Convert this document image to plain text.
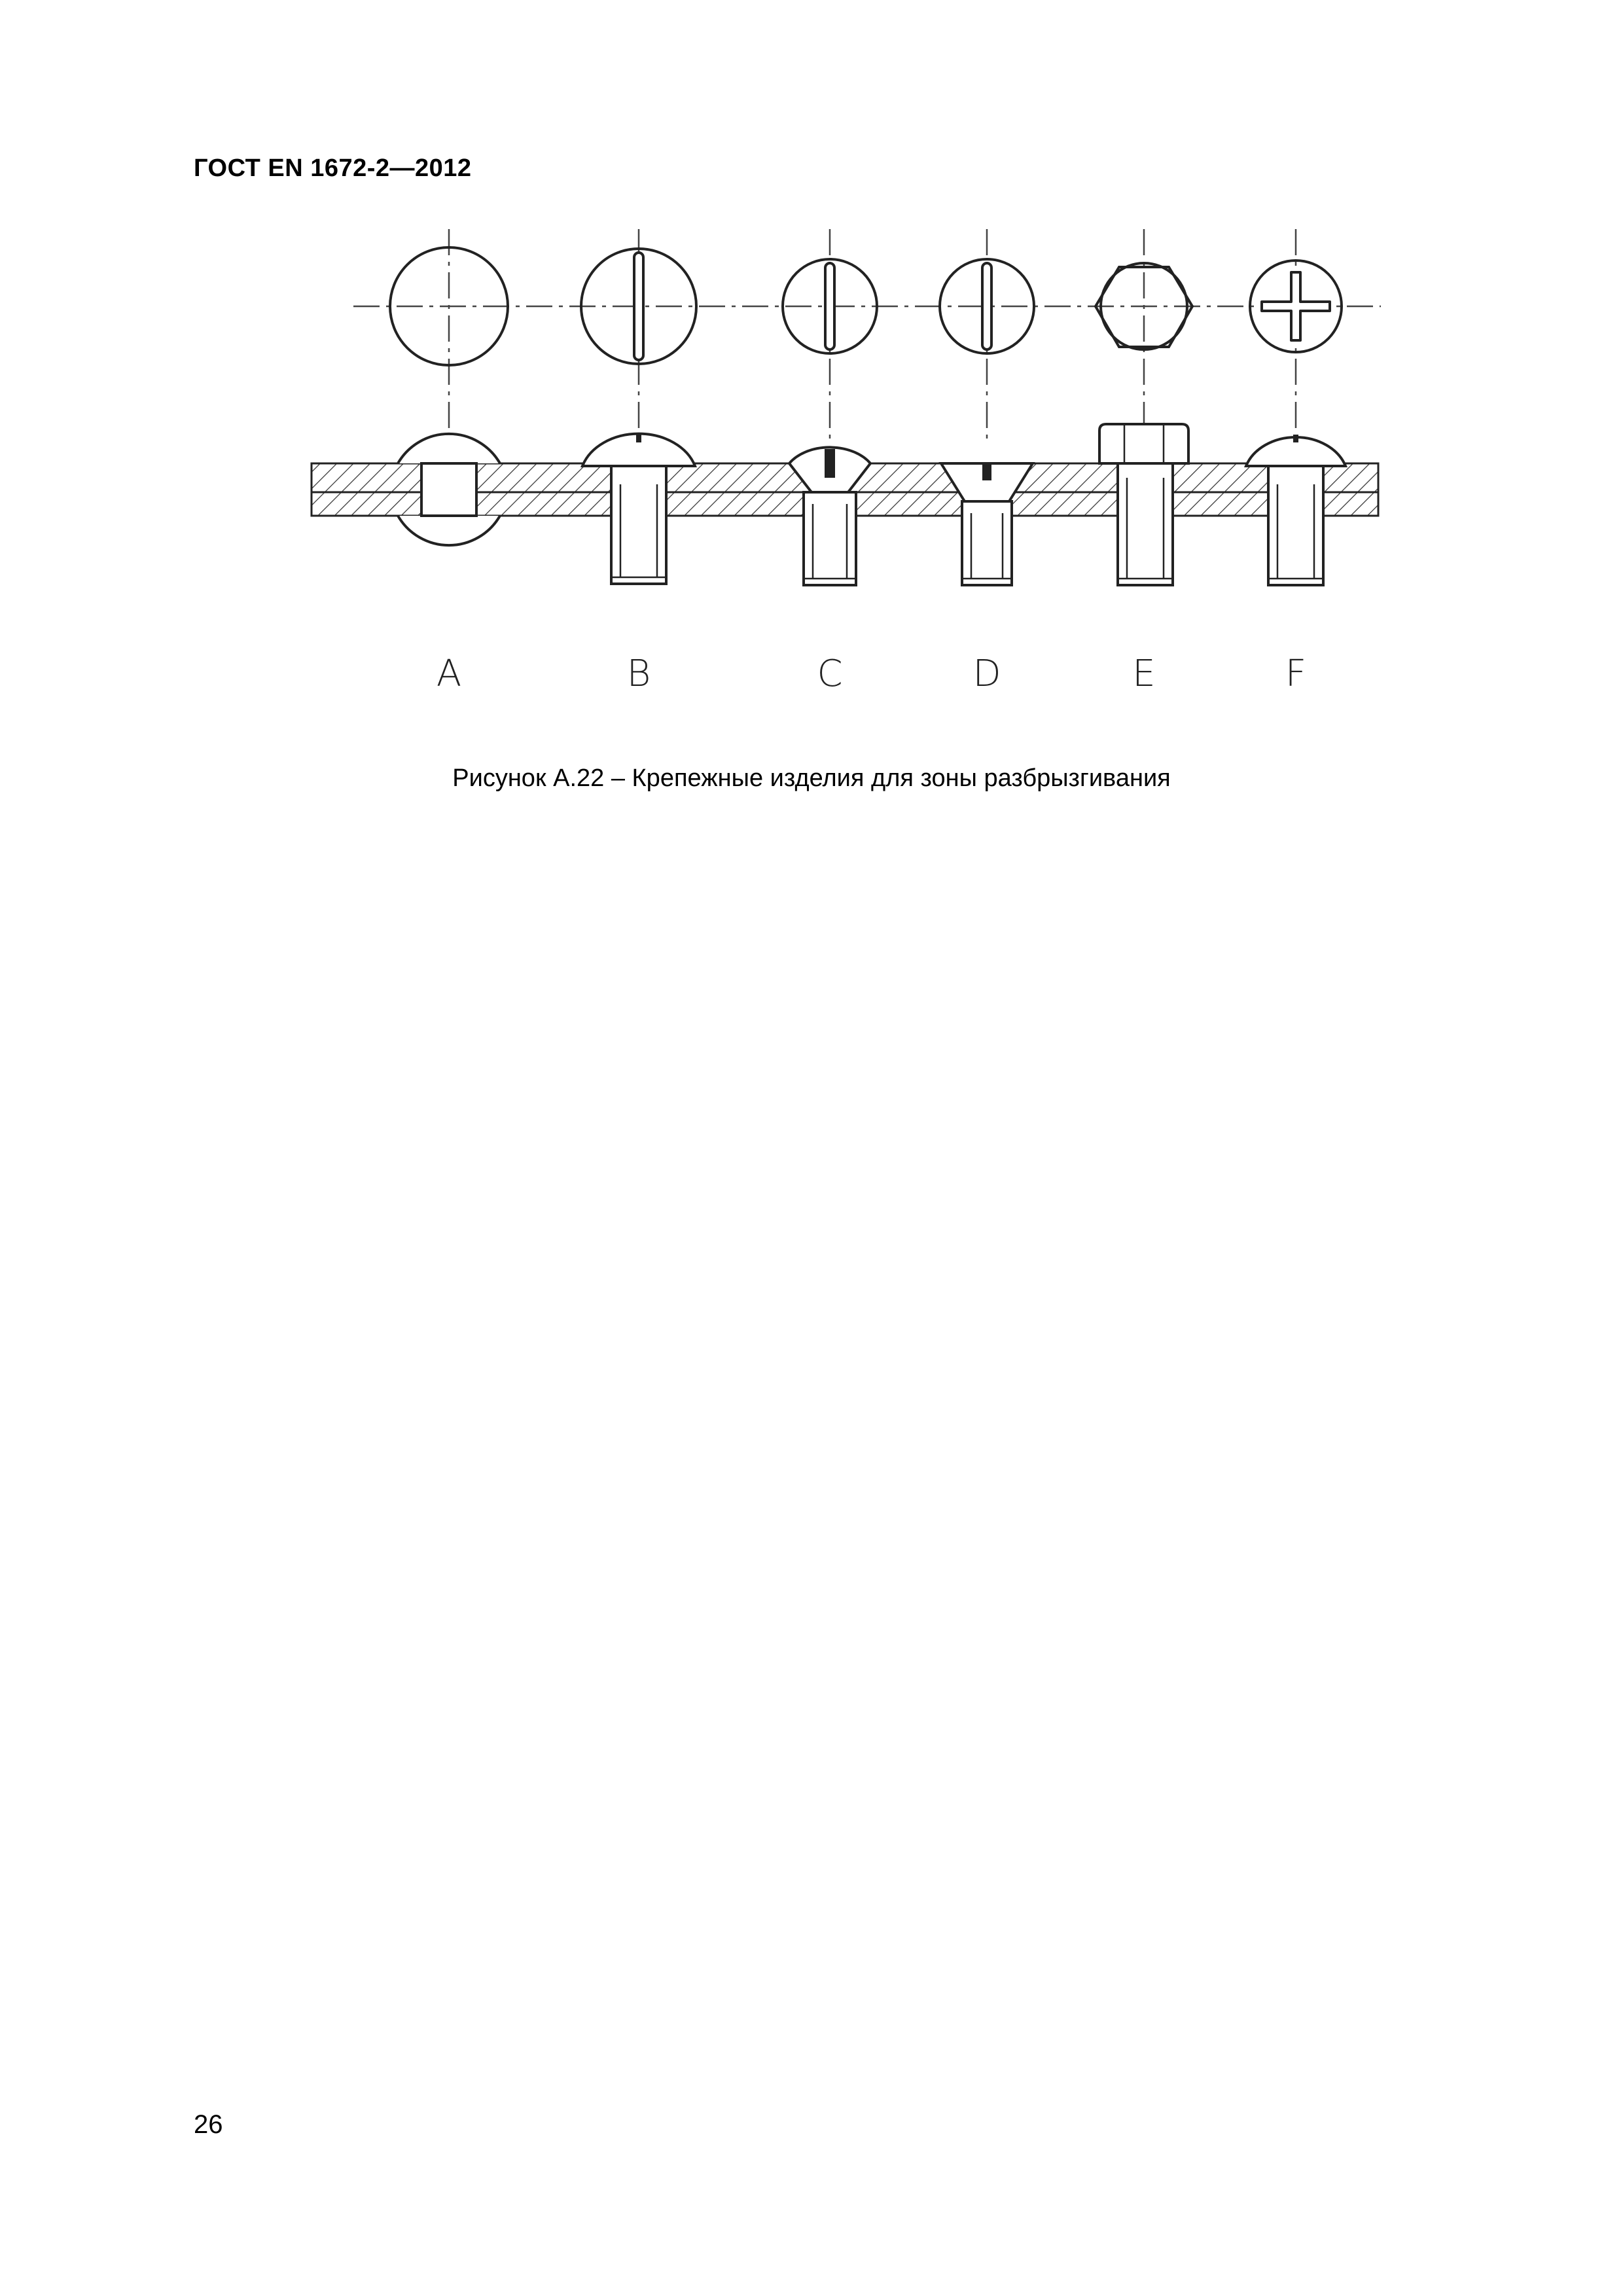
ГОСТ EN 1672-2—2012
A	B	C	D	E	F
Рисунок А.22 – Крепежные изделия для зоны разбрызгивания
26
